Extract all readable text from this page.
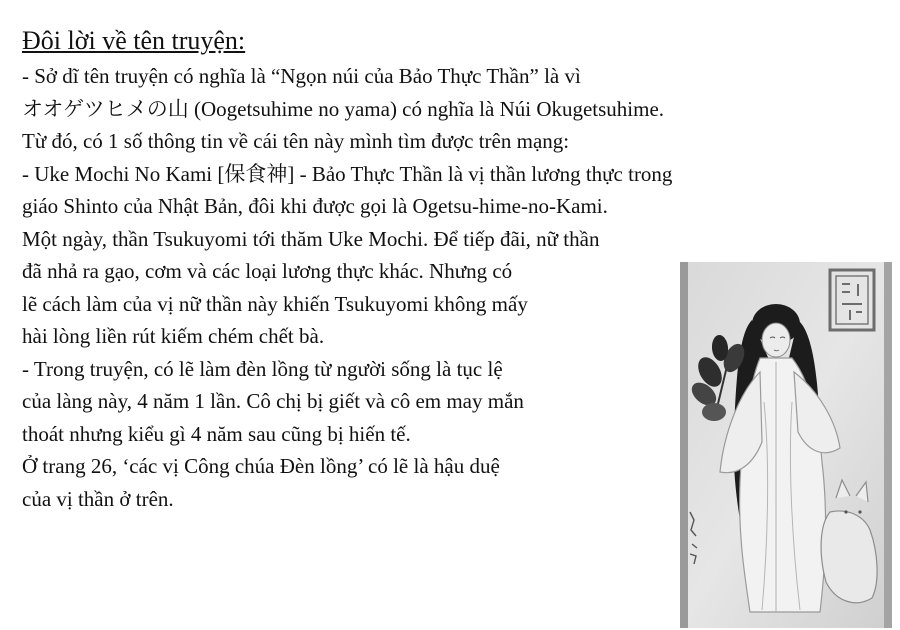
Đôi lời về tên truyện:
- Sở dĩ tên truyện có nghĩa là “Ngọn núi của Bảo Thực Thần” là vì
オオゲツヒメの山 (Oogetsuhime no yama) có nghĩa là Núi Okugetsuhime.
Từ đó, có 1 số thông tin về cái tên này mình tìm được trên mạng:
- Uke Mochi No Kami [保食神] - Bảo Thực Thần là vị thần lương thực trong
giáo Shinto của Nhật Bản, đôi khi được gọi là Ogetsu-hime-no-Kami.
Một ngày, thần Tsukuyomi tới thăm Uke Mochi. Để tiếp đãi, nữ thần
đã nhả ra gạo, cơm và các loại lương thực khác. Nhưng có
lẽ cách làm của vị nữ thần này khiến Tsukuyomi không mấy
hài lòng liền rút kiếm chém chết bà.
- Trong truyện, có lẽ làm đèn lồng từ người sống là tục lệ
của làng này, 4 năm 1 lần. Cô chị bị giết và cô em may mắn
thoát nhưng kiểu gì 4 năm sau cũng bị hiến tế.
Ở trang 26, ‘các vị Công chúa Đèn lồng’ có lẽ là hậu duệ
của vị thần ở trên.
